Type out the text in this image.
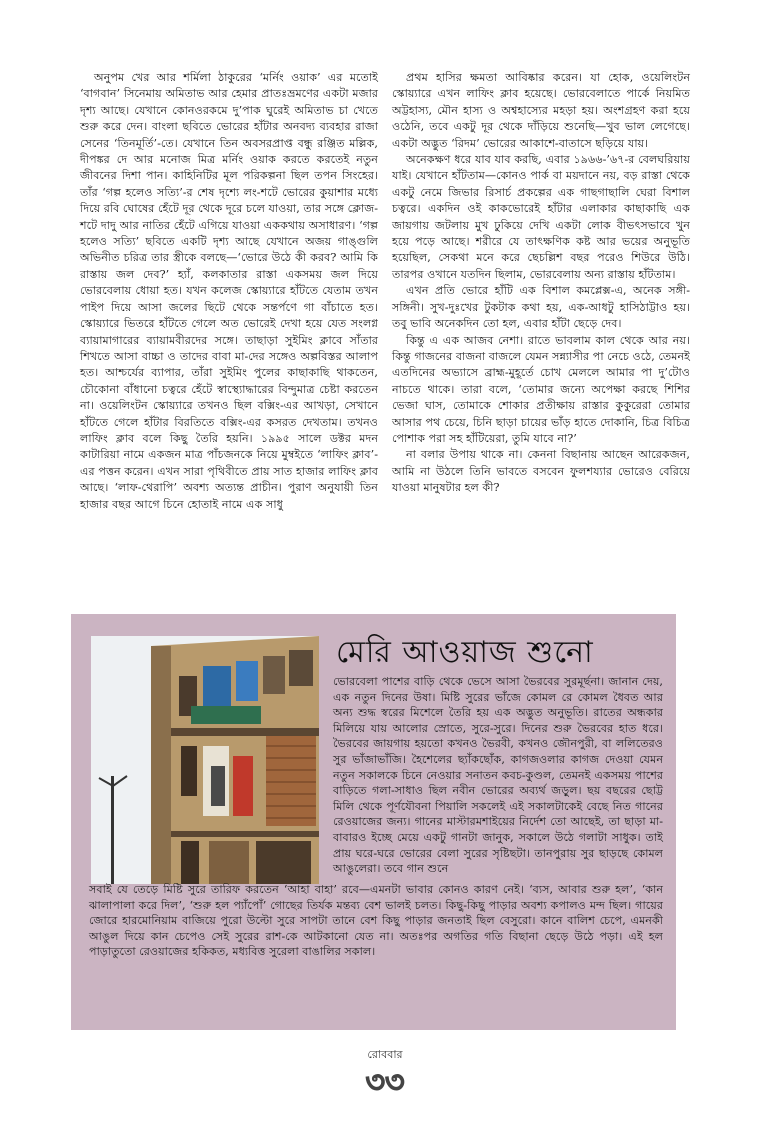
অনুপম খের আর শর্মিলা ঠাকুরের ‘মর্নিং ওয়াক’ এর মতোই ‘বাগবান’ সিনেমায় অমিতাভ আর হেমার প্রাতঃভ্রমণের একটা মজার দৃশ্য আছে। যেখানে কোনওরকমে দু’পাক ঘুরেই অমিতাভ চা খেতে শুরু করে দেন। বাংলা ছবিতে ভোরের হাঁটার অনবদ্য ব্যবহার রাজা সেনের ‘তিনমূর্তি’-তে। যেখানে তিন অবসরপ্রাপ্ত বন্ধু রঞ্জিত মল্লিক, দীপঙ্কর দে আর মনোজ মিত্র মর্নিং ওয়াক করতে করতেই নতুন জীবনের দিশা পান। কাহিনিটির মূল পরিকল্পনা ছিল তপন সিংহের। তাঁর ‘গল্প হলেও সত্যি’-র শেষ দৃশ্যে লং-শটে ভোরের কুয়াশার মধ্যে দিয়ে রবি ঘোষের হেঁটে দূর থেকে দূরে চলে যাওয়া, তার সঙ্গে ক্লোজ-শটে দাদু আর নাতির হেঁটে এগিয়ে যাওয়া এককথায় অসাধারণ। ‘গল্প হলেও সত্যি’ ছবিতে একটি দৃশ্য আছে যেখানে অজয় গাঙ্গুলি অভিনীত চরিত্র তার স্ত্রীকে বলছে—‘ভোরে উঠে কী করব? আমি কি রাস্তায় জল দেব?’ হ্যাঁ, কলকাতার রাস্তা একসময় জল দিয়ে ভোরবেলায় ধোয়া হত। যখন কলেজ স্কোয়্যারে হাঁটতে যেতাম তখন পাইপ দিয়ে আসা জলের ছিটে থেকে সন্তর্পণে গা বাঁচাতে হত। স্কোয়্যারে ভিতরে হাঁটতে গেলে অত ভোরেই দেখা হয়ে যেত সংলগ্ন ব্যায়ামাগারের ব্যায়ামবীরদের সঙ্গে। তাছাড়া সুইমিং ক্লাবে সাঁতার শিখতে আসা বাচ্চা ও তাদের বাবা মা-দের সঙ্গেও অল্পবিস্তর আলাপ হত। আশ্চর্যের ব্যাপার, তাঁরা সুইমিং পুলের কাছাকাছি থাকতেন, চৌকোনা বাঁধানো চত্বরে হেঁটে স্বাস্থ্যোদ্ধারের বিন্দুমাত্র চেষ্টা করতেন না। ওয়েলিংটন স্কোয়্যারে তখনও ছিল বক্সিং-এর আখড়া, সেখানে হাঁটতে গেলে হাঁটার বিরতিতে বক্সিং-এর কসরত দেখতাম। তখনও লাফিং ক্লাব বলে কিছু তৈরি হয়নি। ১৯৯৫ সালে ডক্টর মদন কাটারিয়া নামে একজন মাত্র পাঁচজনকে নিয়ে মুম্বইতে ‘লাফিং ক্লাব’-এর পত্তন করেন। এখন সারা পৃথিবীতে প্রায় সাত হাজার লাফিং ক্লাব আছে। ‘লাফ-থেরাপি’ অবশ্য অত্যন্ত প্রাচীন। পুরাণ অনুযায়ী তিন হাজার বছর আগে চিনে হোতাই নামে এক সাধু

প্রথম হাসির ক্ষমতা আবিষ্কার করেন। যা হোক, ওয়েলিংটন স্কোয়্যারে এখন লাফিং ক্লাব হয়েছে। ভোরবেলাতে পার্কে নিয়মিত অট্টহাস্য, মৌন হাস্য ও অশ্বহাস্যের মহড়া হয়। অংশগ্রহণ করা হয়ে ওঠেনি, তবে একটু দূর থেকে দাঁড়িয়ে শুনেছি—খুব ভাল লেগেছে। একটা অদ্ভুত ‘রিদম’ ভোরের আকাশে-বাতাসে ছড়িয়ে যায়।

অনেকক্ষণ ধরে যাব যাব করছি, এবার ১৯৬৬-’৬৭-র বেলঘরিয়ায় যাই। যেখানে হাঁটতাম—কোনও পার্ক বা ময়দানে নয়, বড় রাস্তা থেকে একটু নেমে জিভার রিসার্চ প্রকল্পের এক গাছগাছালি ঘেরা বিশাল চত্বরে। একদিন ওই কাকভোরেই হাঁটার এলাকার কাছাকাছি এক জায়গায় জটলায় মুখ ঢুকিয়ে দেখি একটা লোক বীভৎসভাবে খুন হয়ে পড়ে আছে। শরীরে যে তাৎক্ষণিক কষ্ট আর ভয়ের অনুভূতি হয়েছিল, সেকথা মনে করে ছেচল্লিশ বছর পরেও শিউরে উঠি। তারপর ওখানে যতদিন ছিলাম, ভোরবেলায় অন্য রাস্তায় হাঁটতাম।

এখন প্রতি ভোরে হাঁটি এক বিশাল কমপ্লেক্স-এ, অনেক সঙ্গী-সঙ্গিনী। সুখ-দুঃখের টুকটাক কথা হয়, এক-আধটু হাসিঠাট্টাও হয়। তবু ভাবি অনেকদিন তো হল, এবার হাঁটা ছেড়ে দেব।

কিন্তু এ এক আজব নেশা। রাতে ভাবলাম কাল থেকে আর নয়। কিন্তু গাজনের বাজনা বাজলে যেমন সন্ন্যাসীর পা নেচে ওঠে, তেমনই এতদিনের অভ্যাসে ব্রাহ্ম-মুহূর্তে চোখ মেললে আমার পা দু’টোও নাচতে থাকে। তারা বলে, ‘তোমার জন্যে অপেক্ষা করছে শিশির ভেজা ঘাস, তোমাকে শোকার প্রতীক্ষায় রাস্তার কুকুরেরা তোমার আসার পথ চেয়ে, চিনি ছাড়া চায়ের ভাঁড় হাতে দোকানি, চিত্র বিচিত্র পোশাক পরা সহ হাঁটিয়েরা, তুমি যাবে না?’

না বলার উপায় থাকে না। কেননা বিছানায় আছেন আরেকজন, আমি না উঠলে তিনি ভাবতে বসবেন ফুলশয্যার ভোরেও বেরিয়ে যাওয়া মানুষটার হল কী?

মেরি আওয়াজ শুনো

ভোরবেলা পাশের বাড়ি থেকে ভেসে আসা ভৈরবের সুরমূর্ছনা। জানান দেয়, এক নতুন দিনের উষা। মিষ্টি সুরের ভাঁজে কোমল রে কোমল ধৈবত আর অন্য শুদ্ধ স্বরের মিশেলে তৈরি হয় এক অদ্ভুত অনুভূতি। রাতের অন্ধকার মিলিয়ে যায় আলোর স্রোতে, সুরে-সুরে। দিনের শুরু ভৈরবের হাত ধরে। ভৈরবের জায়গায় হয়তো কখনও ভৈরবী, কখনও জৌনপুরী, বা ললিতেরও সুর ভাঁজাভাঁজি। হৈশেলের ছ্যাঁকছোঁক, কাগজওলার কাগজ দেওয়া যেমন নতুন সকালকে চিনে নেওয়ার সনাতন কবচ-কুণ্ডল, তেমনই একসময় পাশের বাড়িতে গলা-সাধাও ছিল নবীন ভোরের অব্যর্থ জড়ুল। ছয় বছরের ছোট্ট মিলি থেকে পূর্ণযৌবনা পিয়ালি সকলেই এই সকালটাকেই বেছে নিত গানের রেওয়াজের জন্য। গানের মাস্টারমশাইয়ের নির্দেশ তো আছেই, তা ছাড়া মা-বাবারও ইচ্ছে মেয়ে একটু গানটা জানুক, সকালে উঠে গলাটা সাধুক। তাই প্রায় ঘরে-ঘরে ভোরের বেলা সুরের সৃষ্টিছটা। তানপুরায় সুর ছাড়ছে কোমল আঙুলেরা। তবে গান শুনে

সবাই যে তেড়ে মিষ্টি সুরে তারিফ করতেন ‘আহা বাহা’ রবে—এমনটা ভাবার কোনও কারণ নেই। ‘ব্যস, আবার শুরু হল’, ‘কান ঝালাপালা করে দিল’, ‘শুরু হল প্যাঁপোঁ’ গোছের তির্যক মন্তব্য বেশ ভালই চলত। কিছু-কিছু পাড়ার অবশ্য কপালও মন্দ ছিল। গায়ের জোরে হারমোনিয়াম বাজিয়ে পুরো উল্টো সুরে সাপটা তানে বেশ কিছু পাড়ার জনতাই ছিল বেসুরো। কানে বালিশ চেপে, এমনকী আঙুল দিয়ে কান চেপেও সেই সুরের রাশ-কে আটকানো যেত না। অতঃপর অগতির গতি বিছানা ছেড়ে উঠে পড়া। এই হল পাড়াতুতো রেওয়াজের হকিকত, মধ্যবিত্ত সুরেলা বাঙালির সকাল।

রোববার
৩৩
